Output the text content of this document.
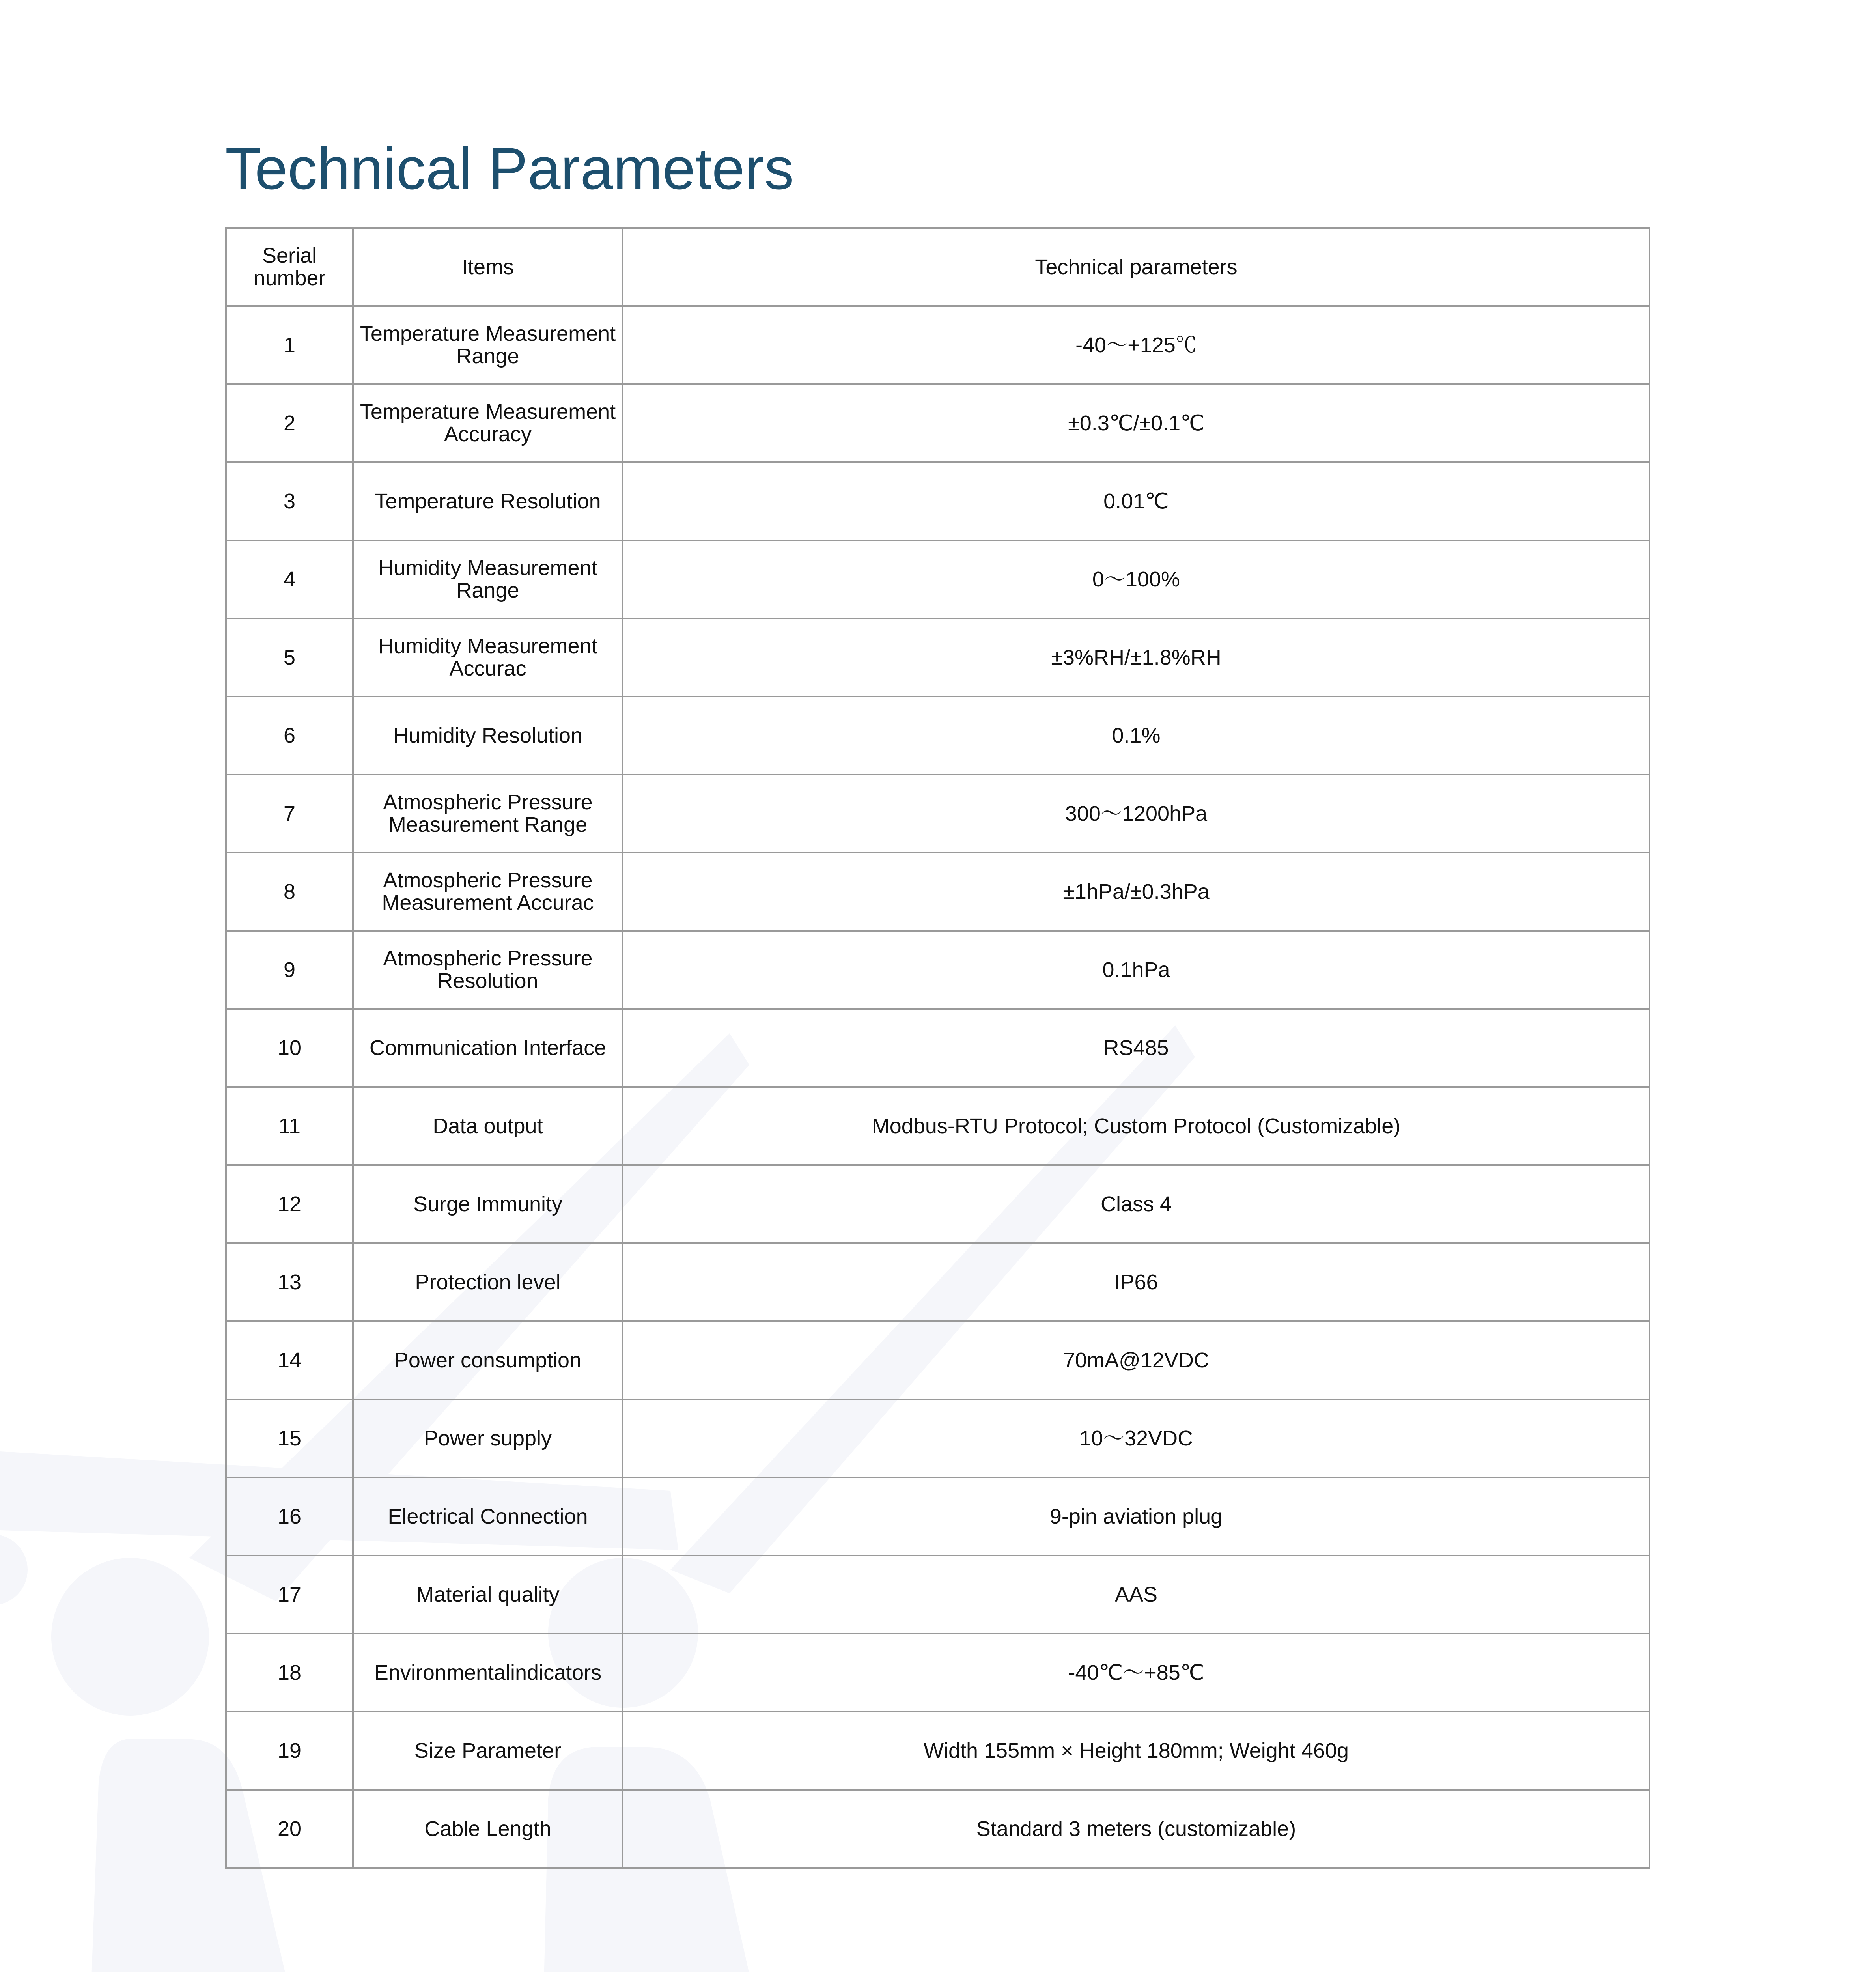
Technical Parameters
Serial number	Items	Technical parameters
1	Temperature Measurement Range	-40～+125℃
2	Temperature Measurement Accuracy	±0.3℃/±0.1℃
3	Temperature Resolution	0.01℃
4	Humidity Measurement Range	0～100%
5	Humidity Measurement Accurac	±3%RH/±1.8%RH
6	Humidity Resolution	0.1%
7	Atmospheric Pressure Measurement Range	300～1200hPa
8	Atmospheric Pressure Measurement Accurac	±1hPa/±0.3hPa
9	Atmospheric Pressure Resolution	0.1hPa
10	Communication Interface	RS485
11	Data output	Modbus-RTU Protocol; Custom Protocol (Customizable)
12	Surge Immunity	Class 4
13	Protection level	IP66
14	Power consumption	70mA@12VDC
15	Power supply	10～32VDC
16	Electrical Connection	9-pin aviation plug
17	Material quality	AAS
18	Environmentalindicators	-40℃～+85℃
19	Size Parameter	Width 155mm × Height 180mm; Weight 460g
20	Cable Length	Standard 3 meters (customizable)
